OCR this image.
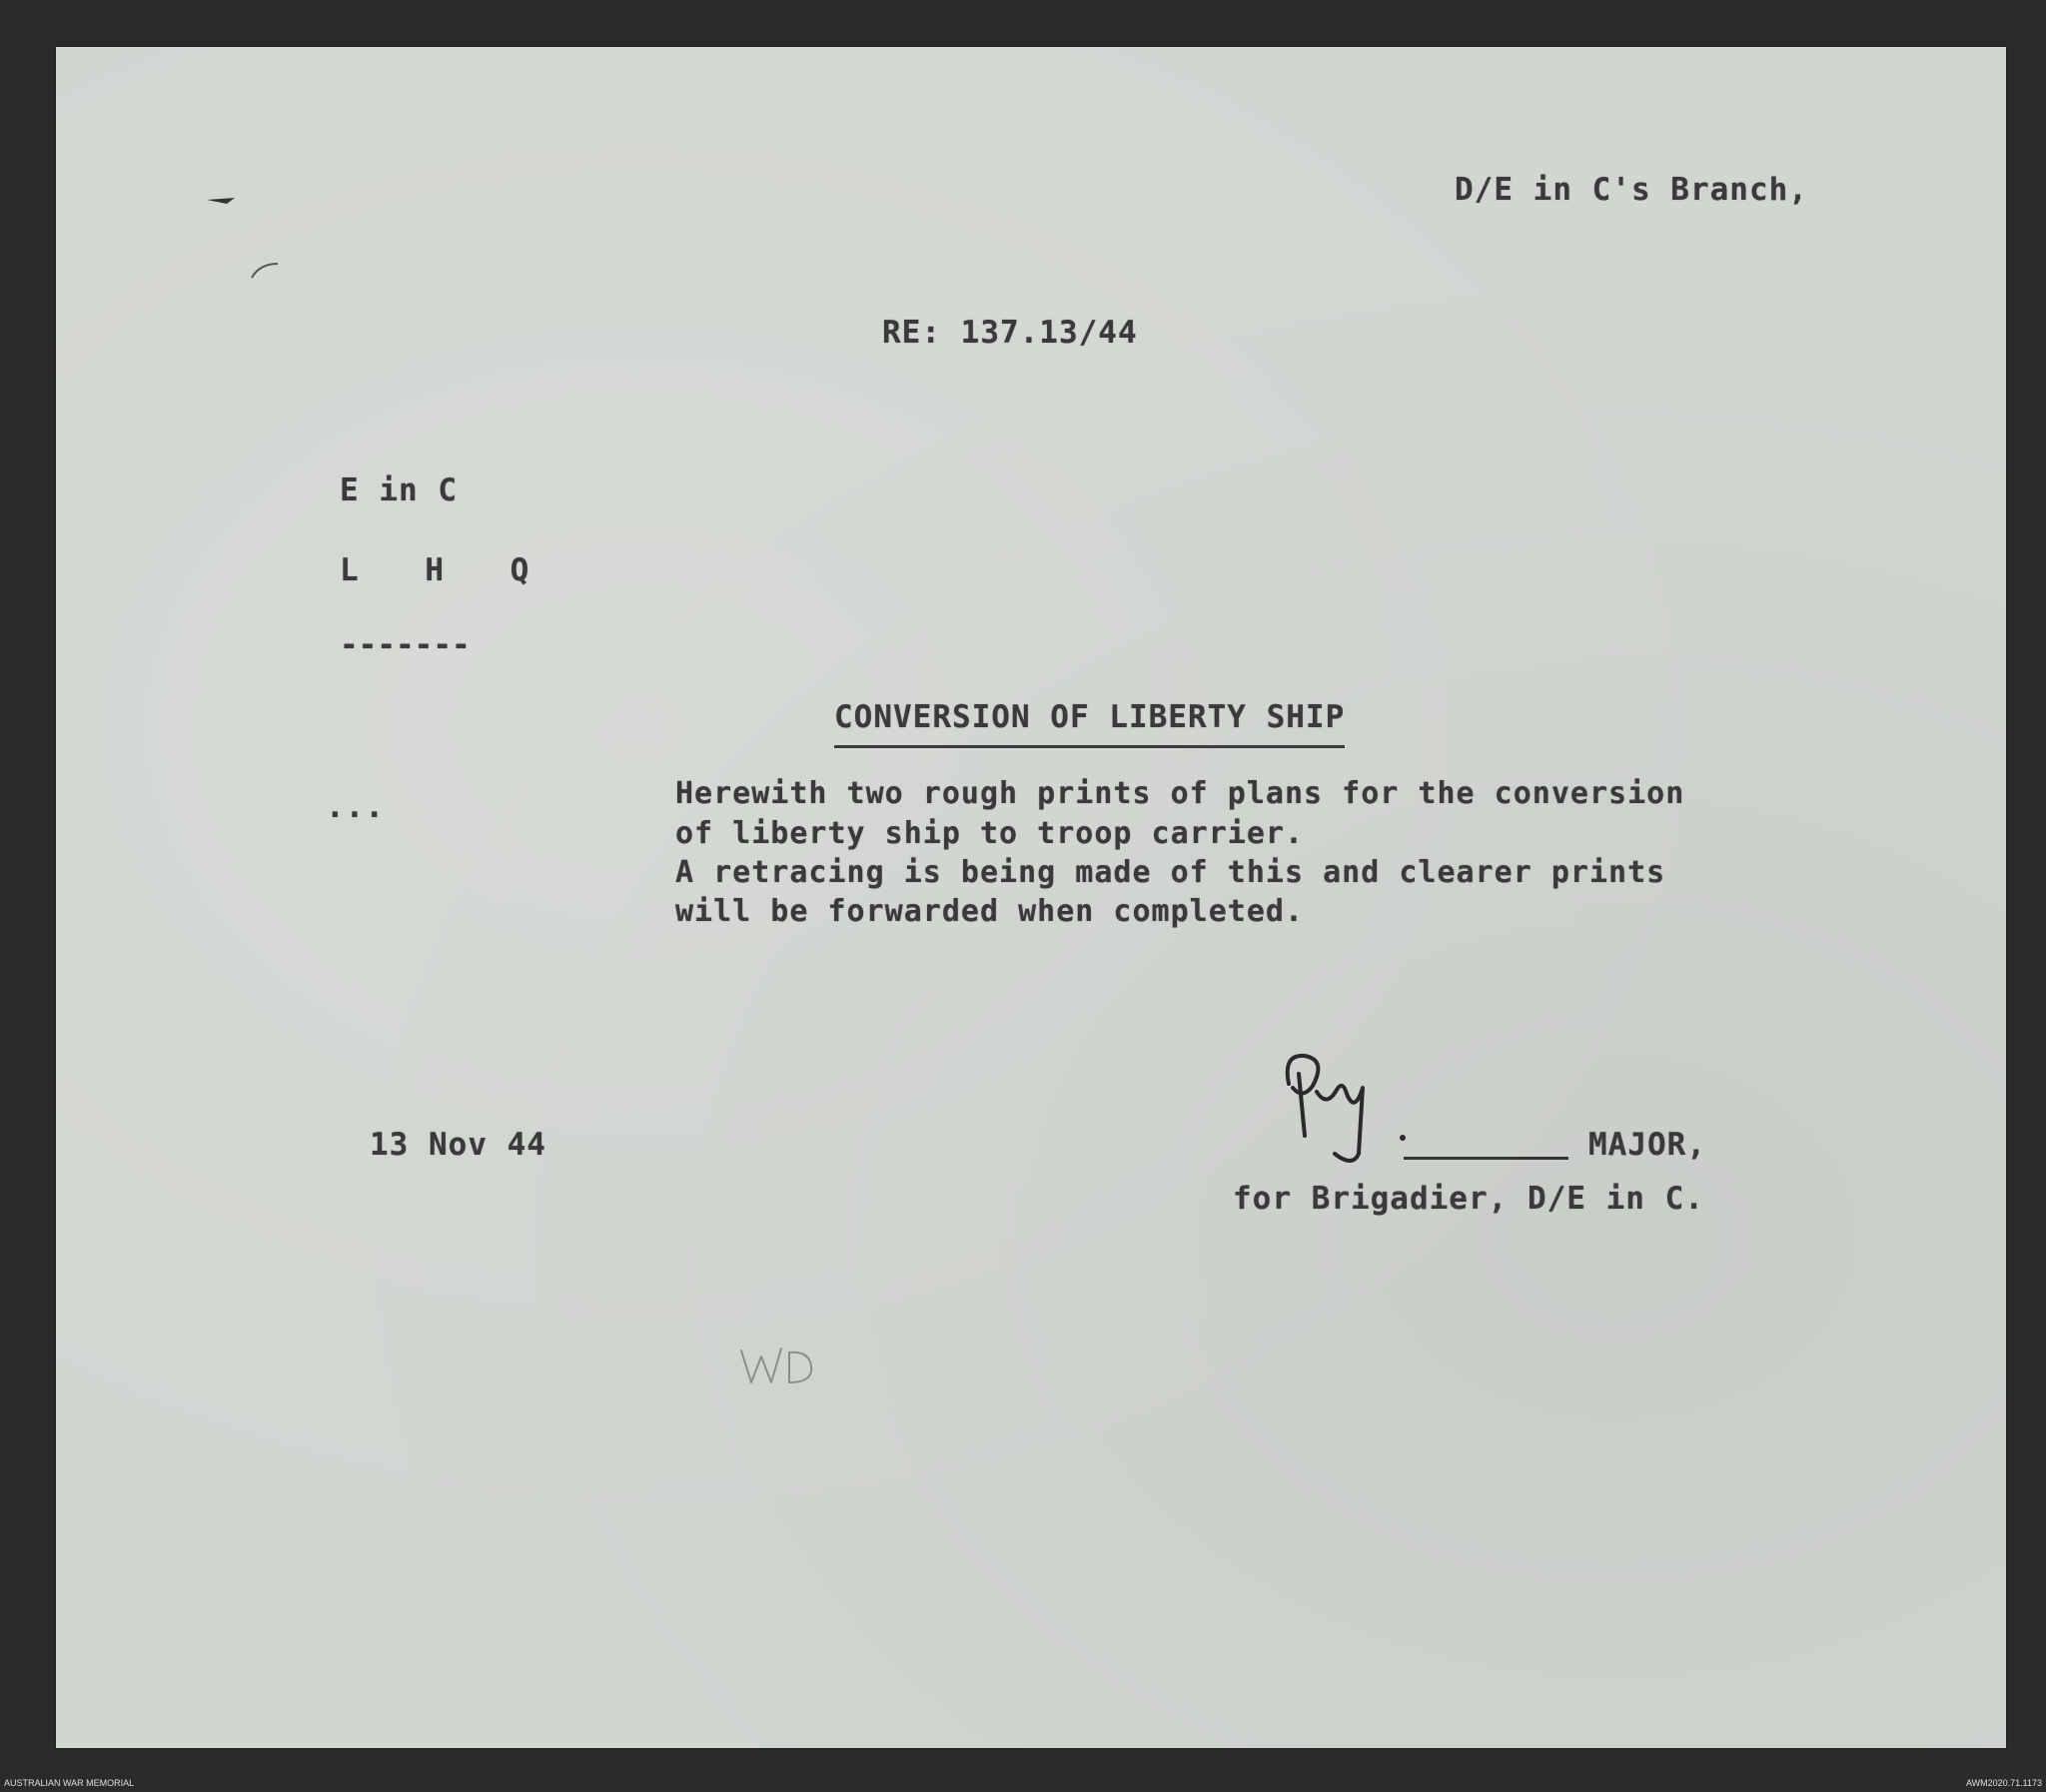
D/E in C's Branch,
RE: 137.13/44
E in C
L H Q
-------
CONVERSION OF LIBERTY SHIP
...	Herewith two rough prints of plans for the conversion
of liberty ship to troop carrier.
A retracing is being made of this and clearer prints
will be forwarded when completed.
13 Nov 44	MAJOR,
for Brigadier, D/E in C.
AUSTRALIAN WAR MEMORIAL	AWM2020.71.1173
